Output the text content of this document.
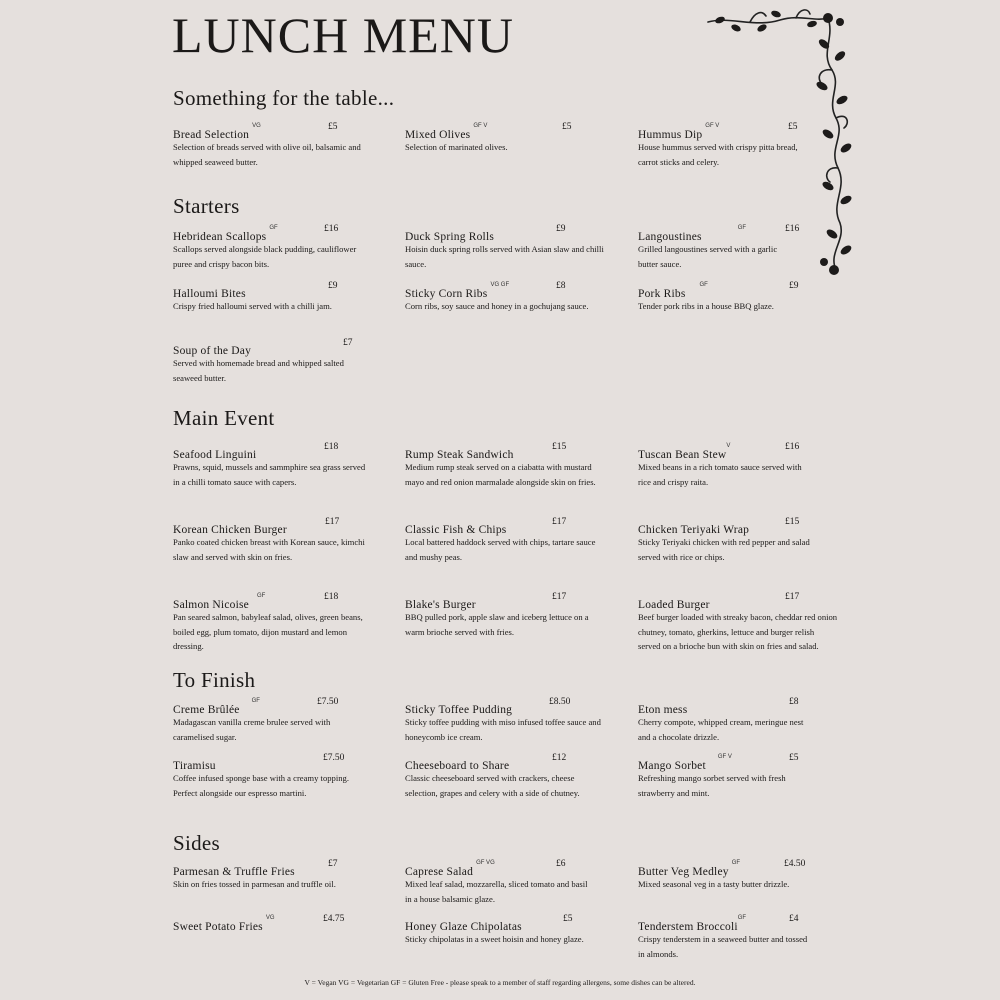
LUNCH MENU
Something for the table...
Bread Selection$^{VG}$	£5
Selection of breads served with olive oil, balsamic and whipped seaweed butter.
Mixed Olives$^{GF V}$	£5
Selection of marinated olives.
Hummus Dip$^{GF V}$	£5
House hummus served with crispy pitta bread, carrot sticks and celery.
Starters
Hebridean Scallops$^{GF}$	£16
Scallops served alongside black pudding, cauliflower puree and crispy bacon bits.
Duck Spring Rolls
£9
Hoisin duck spring rolls served with Asian slaw and chilli sauce.
Langoustines$^{GF}$	£16
Grilled langoustines served with a garlic butter sauce.
Halloumi Bites
£9
Crispy fried halloumi served with a chilli jam.
Sticky Corn Ribs$^{VG GF}$	£8
Corn ribs, soy sauce and honey in a gochujang sauce.
Pork Ribs$^{GF}$	£9
Tender pork ribs in a house BBQ glaze.
Soup of the Day
£7
Served with homemade bread and whipped salted seaweed butter.
Main Event
Seafood Linguini
£18
Prawns, squid, mussels and sammphire sea grass served in a chilli tomato sauce with capers.
Rump Steak Sandwich
£15
Medium rump steak served on a ciabatta with mustard mayo and red onion marmalade alongside skin on fries.
Tuscan Bean Stew$^V$	£16
Mixed beans in a rich tomato sauce served with rice and crispy raita.
Korean Chicken Burger
£17
Panko coated chicken breast with Korean sauce, kimchi slaw and served with skin on fries.
Classic Fish & Chips
£17
Local battered haddock served with chips, tartare sauce and mushy peas.
Chicken Teriyaki Wrap
£15
Sticky Teriyaki chicken with red pepper and salad served with rice or chips.
Salmon Nicoise$^{GF}$	£18
Pan seared salmon, babyleaf salad, olives, green beans, boiled egg, plum tomato, dijon mustard and lemon dressing.
Blake's Burger
£17
BBQ pulled pork, apple slaw and iceberg lettuce on a warm brioche served with fries.
Loaded Burger
£17
Beef burger loaded with streaky bacon, cheddar red onion chutney, tomato, gherkins, lettuce and burger relish served on a brioche bun with skin on fries and salad.
To Finish
Creme Brûlée$^{GF}$	£7.50
Madagascan vanilla creme brulee served with caramelised sugar.
Sticky Toffee Pudding
£8.50
Sticky toffee pudding with miso infused toffee sauce and honeycomb ice cream.
Eton mess
£8
Cherry compote, whipped cream, meringue nest and a chocolate drizzle.
Tiramisu
£7.50
Coffee infused sponge base with a creamy topping. Perfect alongside our espresso martini.
Cheeseboard to Share
£12
Classic cheeseboard served with crackers, cheese selection, grapes and celery with a side of chutney.
Mango Sorbet$^{GF V}$	£5
Refreshing mango sorbet served with fresh strawberry and mint.
Sides
Parmesan & Truffle Fries
£7
Skin on fries tossed in parmesan and truffle oil.
Caprese Salad$^{GF VG}$	£6
Mixed leaf salad, mozzarella, sliced tomato and basil in a house balsamic glaze.
Butter Veg Medley$^{GF}$	£4.50
Mixed seasonal veg in a tasty butter drizzle.
Sweet Potato Fries$^{VG}$	£4.75
Honey Glaze Chipolatas
£5
Sticky chipolatas in a sweet hoisin and honey glaze.
Tenderstem Broccoli$^{GF}$	£4
Crispy tenderstem in a seaweed butter and tossed in almonds.
V = Vegan VG = Vegetarian GF = Gluten Free - please speak to a member of staff regarding allergens, some dishes can be altered.
